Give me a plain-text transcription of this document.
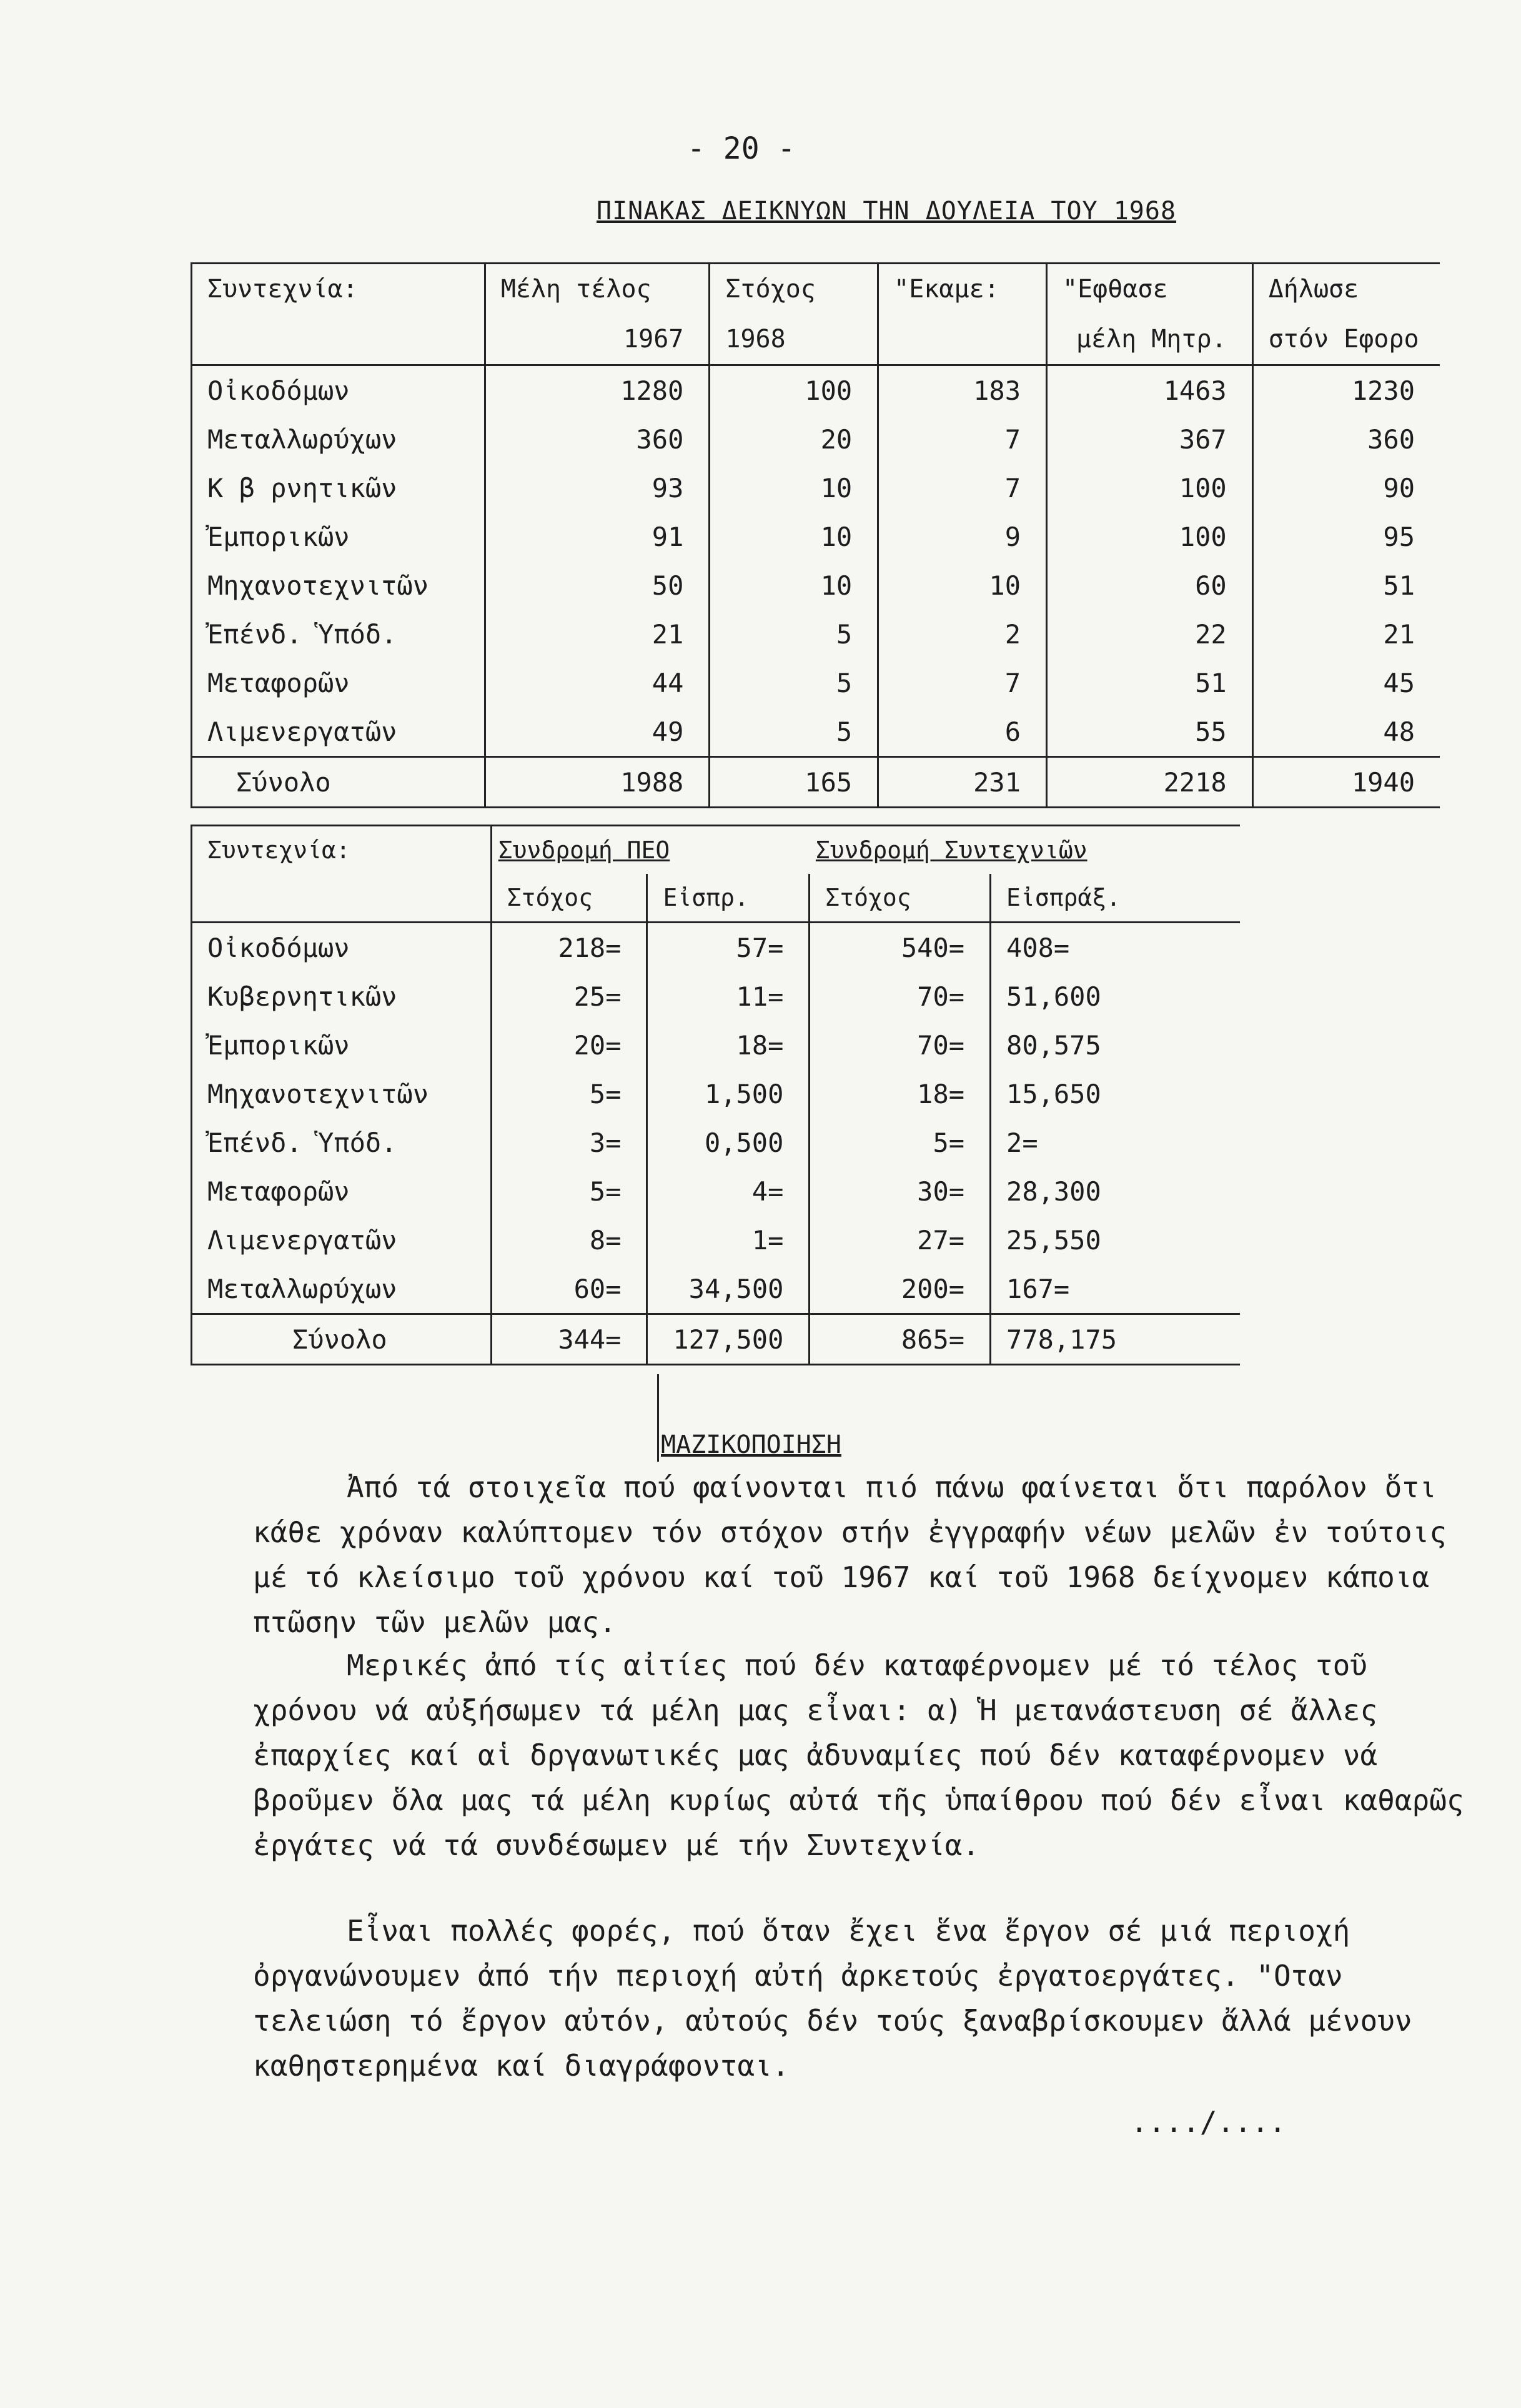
- 20 -
ΠΙΝΑΚΑΣ ΔΕΙΚΝΥΩΝ ΤΗΝ ΔΟΥΛΕΙΑ ΤΟΥ 1968
Συντεχνία:	Μέλη τέλος	Στόχος	"Εκαμε:	"Εφθασε	Δήλωσε
	1967	1968		μέλη Μητρ.	στόν Εφορο
Οἰκοδόμων	1280	100	183	1463	1230
Μεταλλωρύχων	360	20	7	367	360
Κ β ρνητικῶν	93	10	7	100	90
Ἐμπορικῶν	91	10	9	100	95
Μηχανοτεχνιτῶν	50	10	10	60	51
Ἐπένδ. Ὑπόδ.	21	5	2	22	21
Μεταφορῶν	44	5	7	51	45
Λιμενεργατῶν	49	5	6	55	48
Σύνολο	1988	165	231	2218	1940
Συντεχνία:	Συνδρομή ΠΕΟ		Συνδρομή Συντεχνιῶν	
	Στόχος	Εἰσπρ.	Στόχος	Εἰσπράξ.
Οἰκοδόμων	218=	57=	540=	408=
Κυβερνητικῶν	25=	11=	70=	51,600
Ἐμπορικῶν	20=	18=	70=	80,575
Μηχανοτεχνιτῶν	5=	1,500	18=	15,650
Ἐπένδ. Ὑπόδ.	3=	0,500	5=	2=
Μεταφορῶν	5=	4=	30=	28,300
Λιμενεργατῶν	8=	1=	27=	25,550
Μεταλλωρύχων	60=	34,500	200=	167=
Σύνολο	344=	127,500	865=	778,175
ΜΑΖΙΚΟΠΟΙΗΣΗ
Ἀπό τά στοιχεῖα πού φαίνονται πιό πάνω φαίνεται ὅτι παρόλον ὅτι κάθε χρόναν καλύπτομεν τόν στόχον στήν ἐγγραφήν νέων μελῶν ἐν τούτοις μέ τό κλείσιμο τοῦ χρόνου καί τοῦ 1967 καί τοῦ 1968 δείχνομεν κάποια πτῶσην τῶν μελῶν μας.
Μερικές ἀπό τίς αἰτίες πού δέν καταφέρνομεν μέ τό τέλος τοῦ χρόνου νά αὐξήσωμεν τά μέλη μας εἶναι: α) Ἡ μετανάστευση σέ ἄλλες ἐπαρχίες καί αἱ δργανωτικές μας ἀδυναμίες πού δέν καταφέρνομεν νά βροῦμεν ὅλα μας τά μέλη κυρίως αὐτά τῆς ὑπαίθρου πού δέν εἶναι καθαρῶς ἐργάτες νά τά συνδέσωμεν μέ τήν Συντεχνία.
Εἶναι πολλές φορές, πού ὅταν ἔχει ἕνα ἔργον σέ μιά περιοχή ὀργανώνουμεν ἀπό τήν περιοχή αὐτή ἀρκετούς ἐργατοεργάτες. "Οταν τελειώση τό ἔργον αὐτόν, αὐτούς δέν τούς ξαναβρίσκουμεν ἄλλά μένουν καθηστερημένα καί διαγράφονται.
..../....
